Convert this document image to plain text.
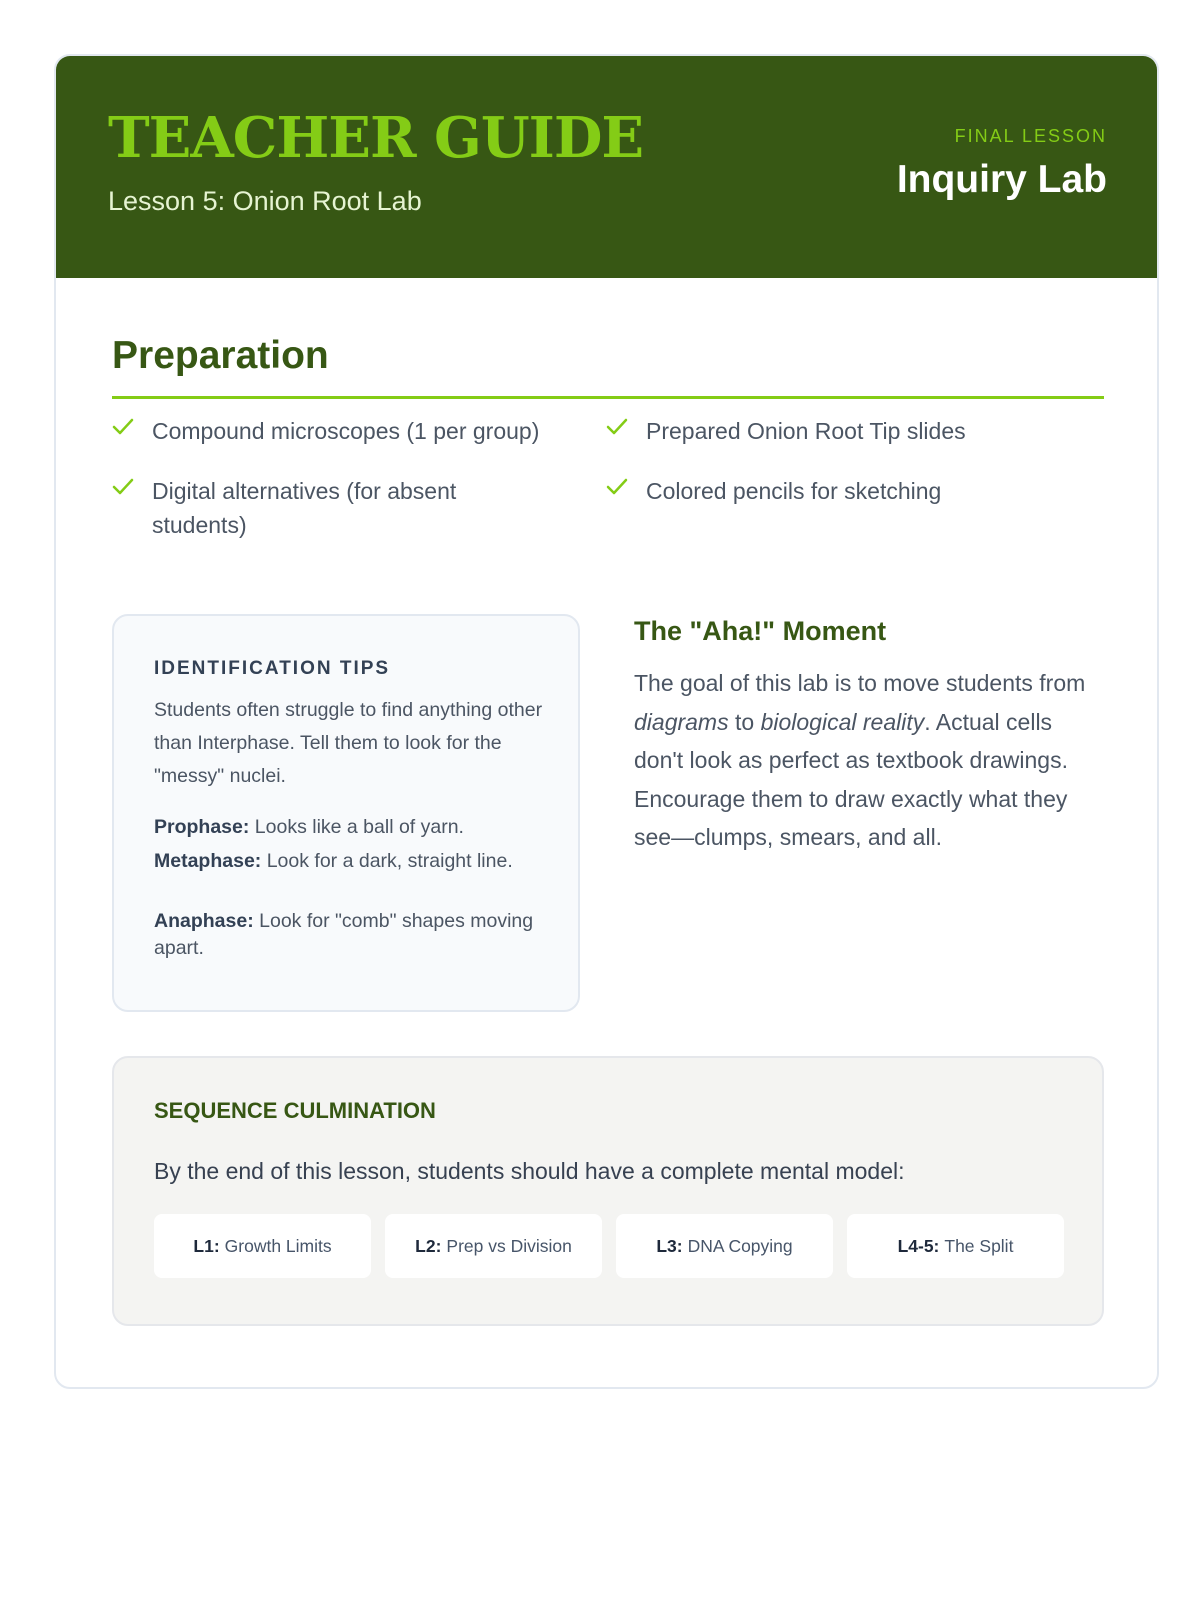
TEACHER GUIDE
Lesson 5: Onion Root Lab
FINAL LESSON
Inquiry Lab
Preparation
Compound microscopes (1 per group)	Prepared Onion Root Tip slides
Digital alternatives (for absent students)
Colored pencils for sketching
IDENTIFICATION TIPS
Students often struggle to find anything other than Interphase. Tell them to look for the "messy" nuclei.
Prophase: Looks like a ball of yarn.
Metaphase: Look for a dark, straight line.
Anaphase: Look for "comb" shapes moving apart.
The "Aha!" Moment
The goal of this lab is to move students from diagrams to biological reality. Actual cells don't look as perfect as textbook drawings. Encourage them to draw exactly what they see—clumps, smears, and all.
SEQUENCE CULMINATION
By the end of this lesson, students should have a complete mental model:
L1: Growth Limits	L2: Prep vs Division	L3: DNA Copying	L4-5: The Split
